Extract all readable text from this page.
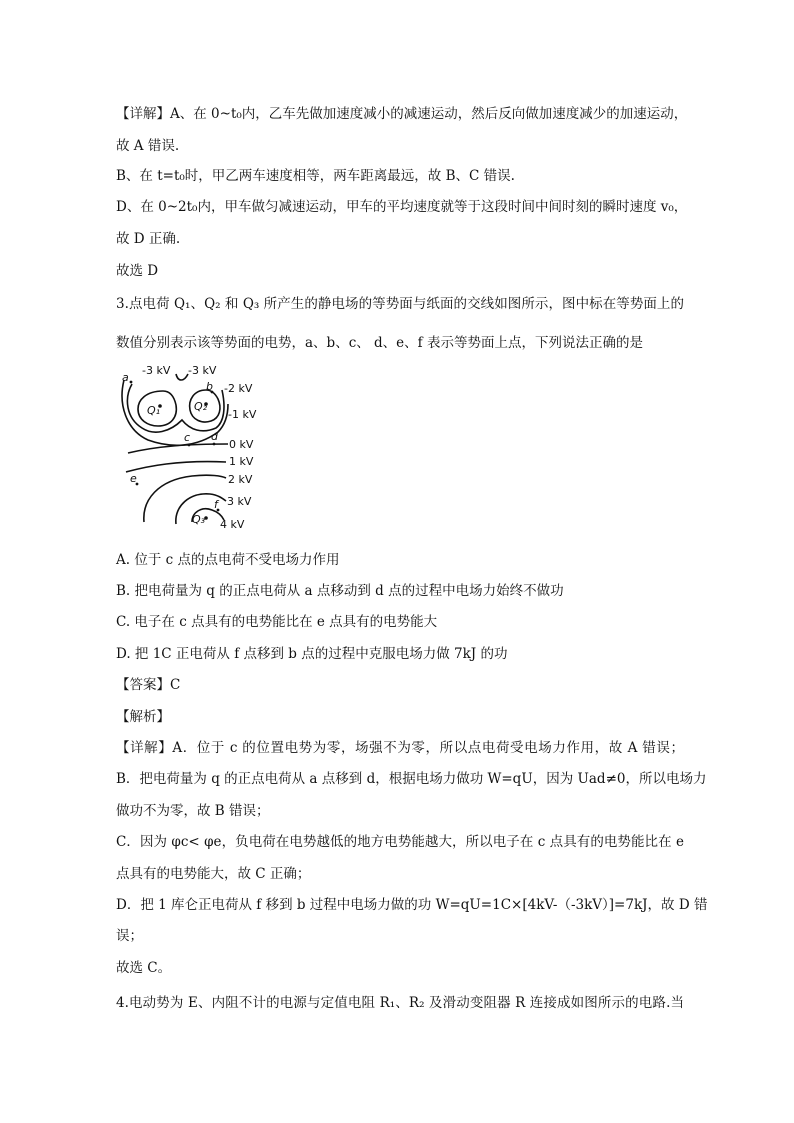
【详解】A、在 0~t₀内，乙车先做加速度减小的减速运动，然后反向做加速度减少的加速运动，
故 A 错误.
B、在 t=t₀时，甲乙两车速度相等，两车距离最远，故 B、C 错误.
D、在 0~2t₀内，甲车做匀减速运动，甲车的平均速度就等于这段时间中间时刻的瞬时速度 v₀，
故 D 正确.
故选 D
3.点电荷 Q₁、Q₂ 和 Q₃ 所产生的静电场的等势面与纸面的交线如图所示，图中标在等势面上的
数值分别表示该等势面的电势，a、b、c、 d、e、f 表示等势面上点，下列说法正确的是
-3 kV -3 kV
-2 kV
-1 kV
0 kV
1 kV
2 kV
3 kV
4 kV
a
b
c d
e
f
Q₁	Q₂
Q₃
A. 位于 c 点的点电荷不受电场力作用
B. 把电荷量为 q 的正点电荷从 a 点移动到 d 点的过程中电场力始终不做功
C. 电子在 c 点具有的电势能比在 e 点具有的电势能大
D. 把 1C 正电荷从 f 点移到 b 点的过程中克服电场力做 7kJ 的功
【答案】C
【解析】
【详解】A．位于 c 的位置电势为零，场强不为零，所以点电荷受电场力作用，故 A 错误；
B．把电荷量为 q 的正点电荷从 a 点移到 d，根据电场力做功 W=qU，因为 Uad≠0，所以电场力
做功不为零，故 B 错误；
C．因为 φc< φe，负电荷在电势越低的地方电势能越大，所以电子在 c 点具有的电势能比在 e
点具有的电势能大，故 C 正确；
D．把 1 库仑正电荷从 f 移到 b 过程中电场力做的功 W=qU=1C×[4kV-（-3kV）]=7kJ，故 D 错
误；
故选 C。
4.电动势为 E、内阻不计的电源与定值电阻 R₁、R₂ 及滑动变阻器 R 连接成如图所示的电路.当
